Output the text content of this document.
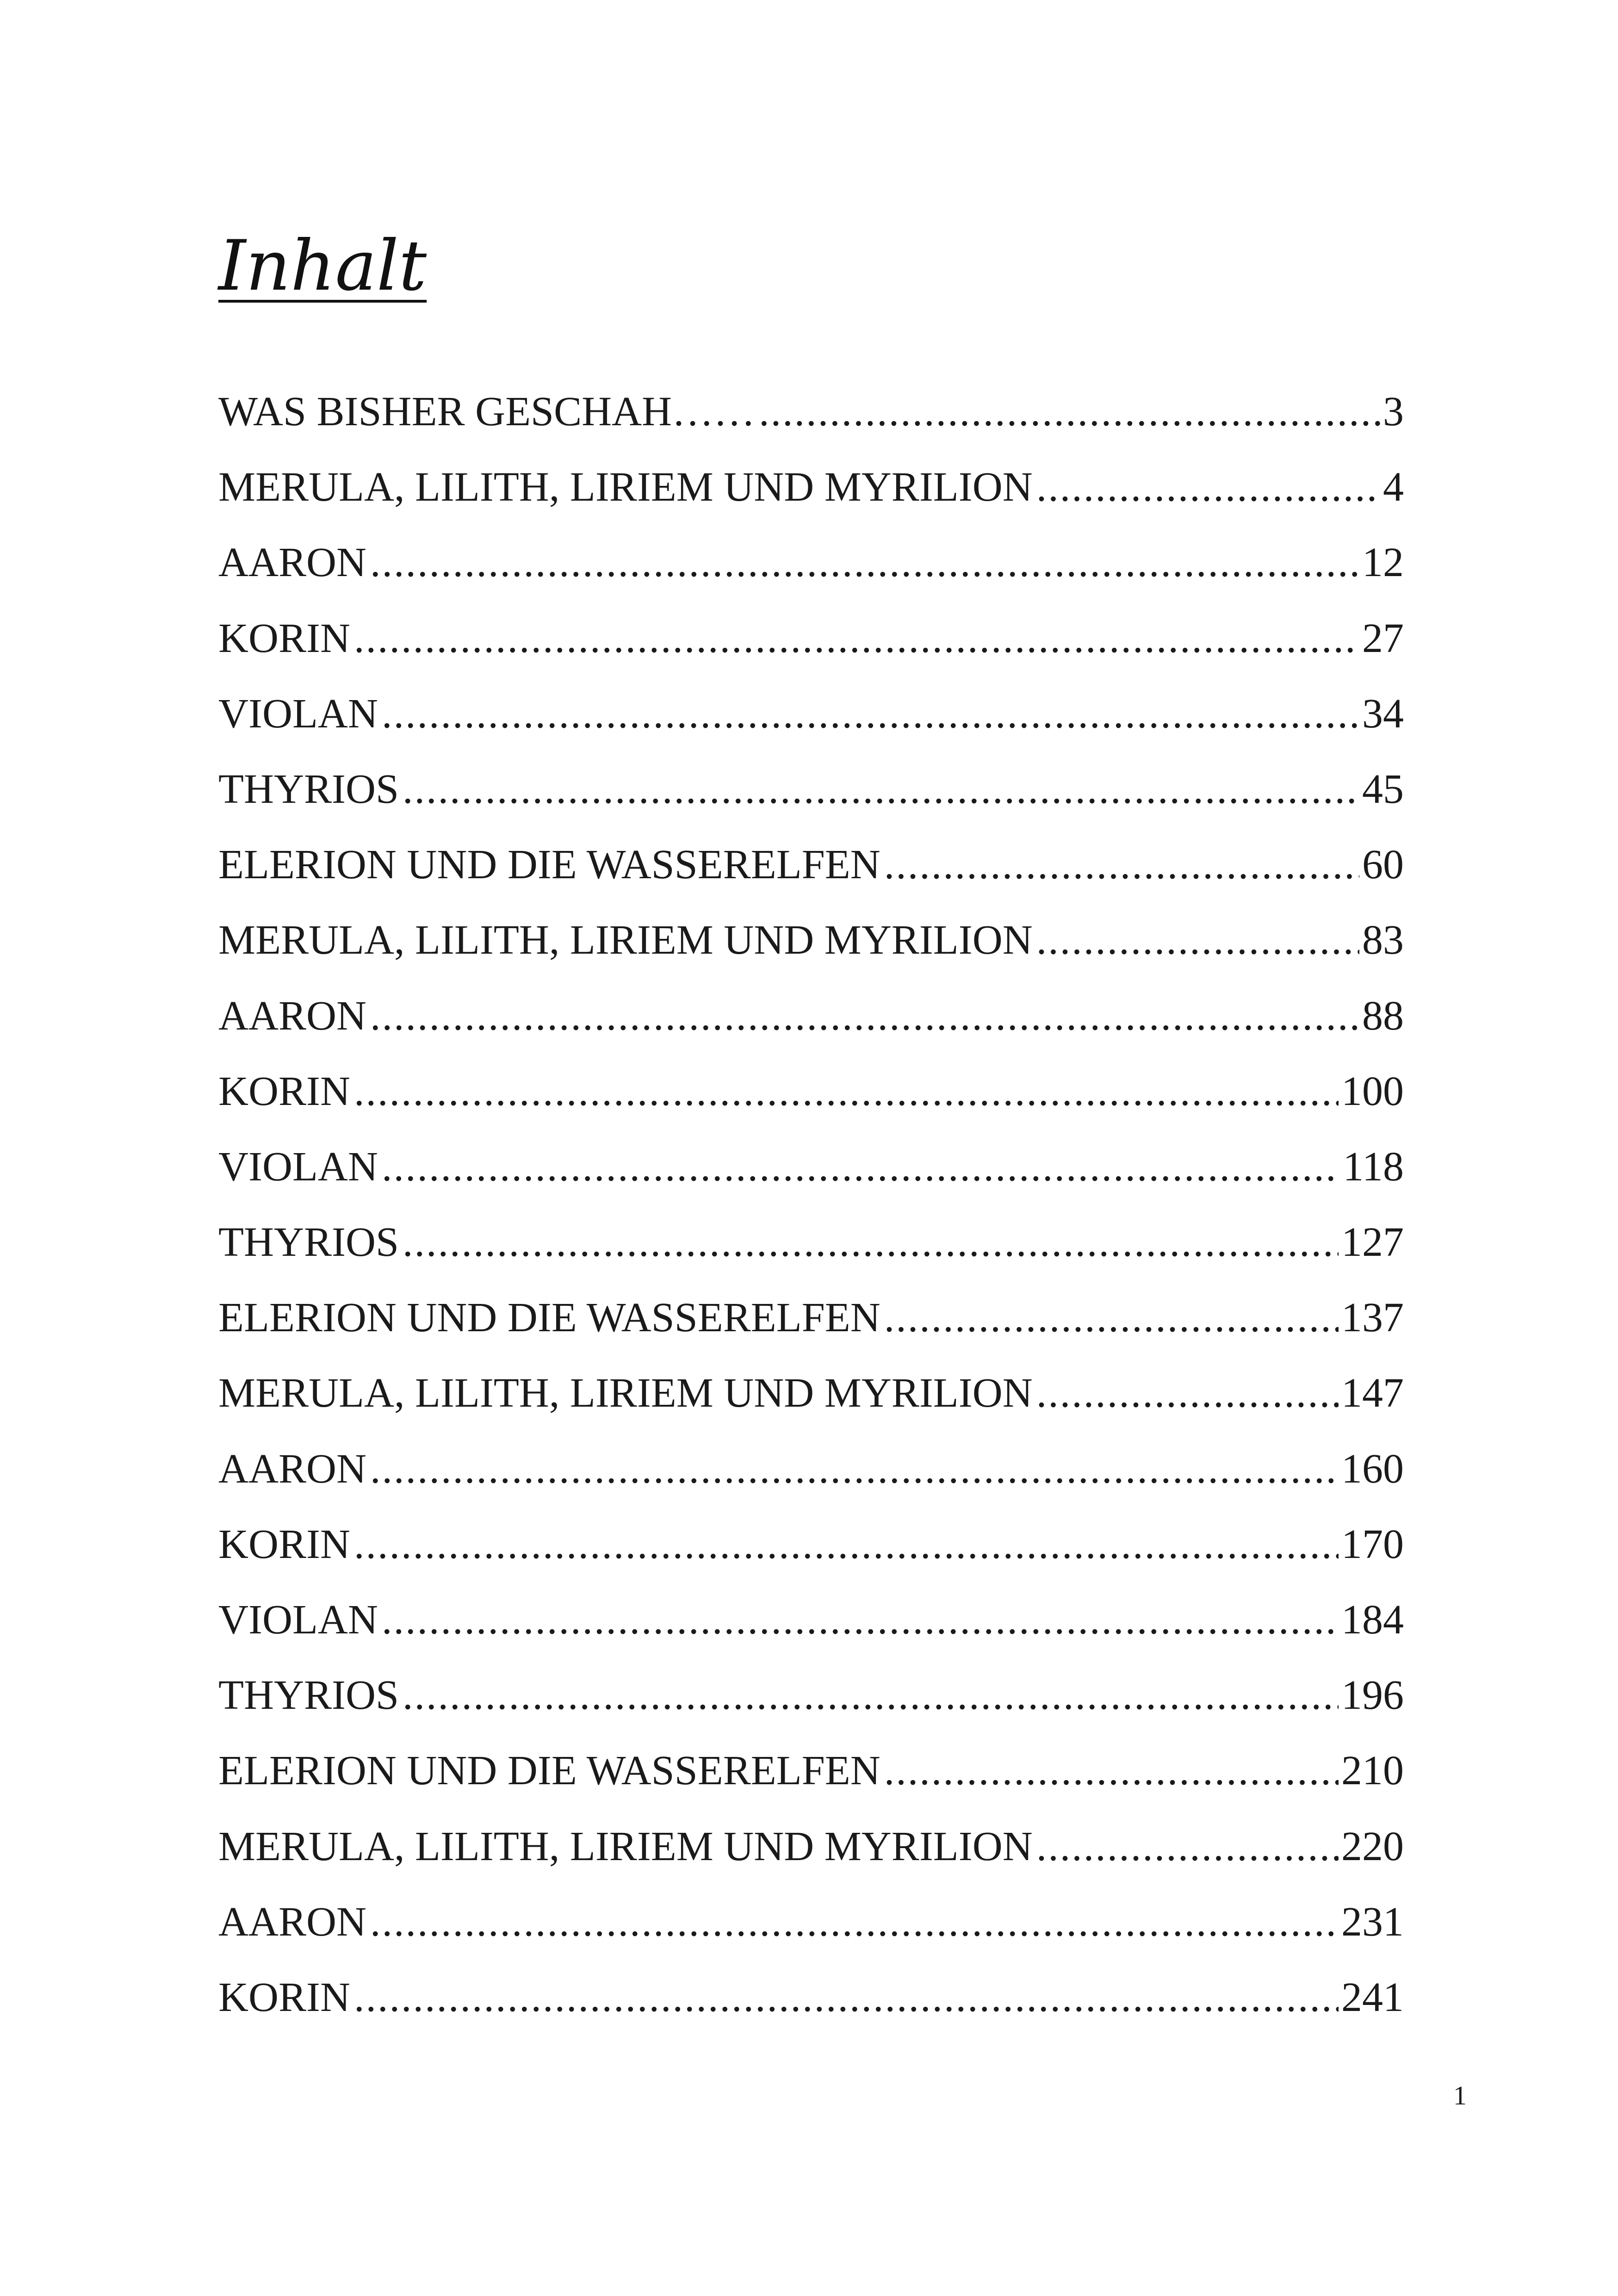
Inhalt
WAS BISHER GESCHAH…… .....	3
MERULA, LILITH, LIRIEM UND MYRILION .....	4
AARON .....	12
KORIN .....	27
VIOLAN .....	34
THYRIOS .....	45
ELERION UND DIE WASSERELFEN .....	60
MERULA, LILITH, LIRIEM UND MYRILION .....	83
AARON .....	88
KORIN .....	100
VIOLAN .....	118
THYRIOS .....	127
ELERION UND DIE WASSERELFEN .....	137
MERULA, LILITH, LIRIEM UND MYRILION .....	147
AARON .....	160
KORIN .....	170
VIOLAN .....	184
THYRIOS .....	196
ELERION UND DIE WASSERELFEN .....	210
MERULA, LILITH, LIRIEM UND MYRILION .....	220
AARON .....	231
KORIN .....	241
1
